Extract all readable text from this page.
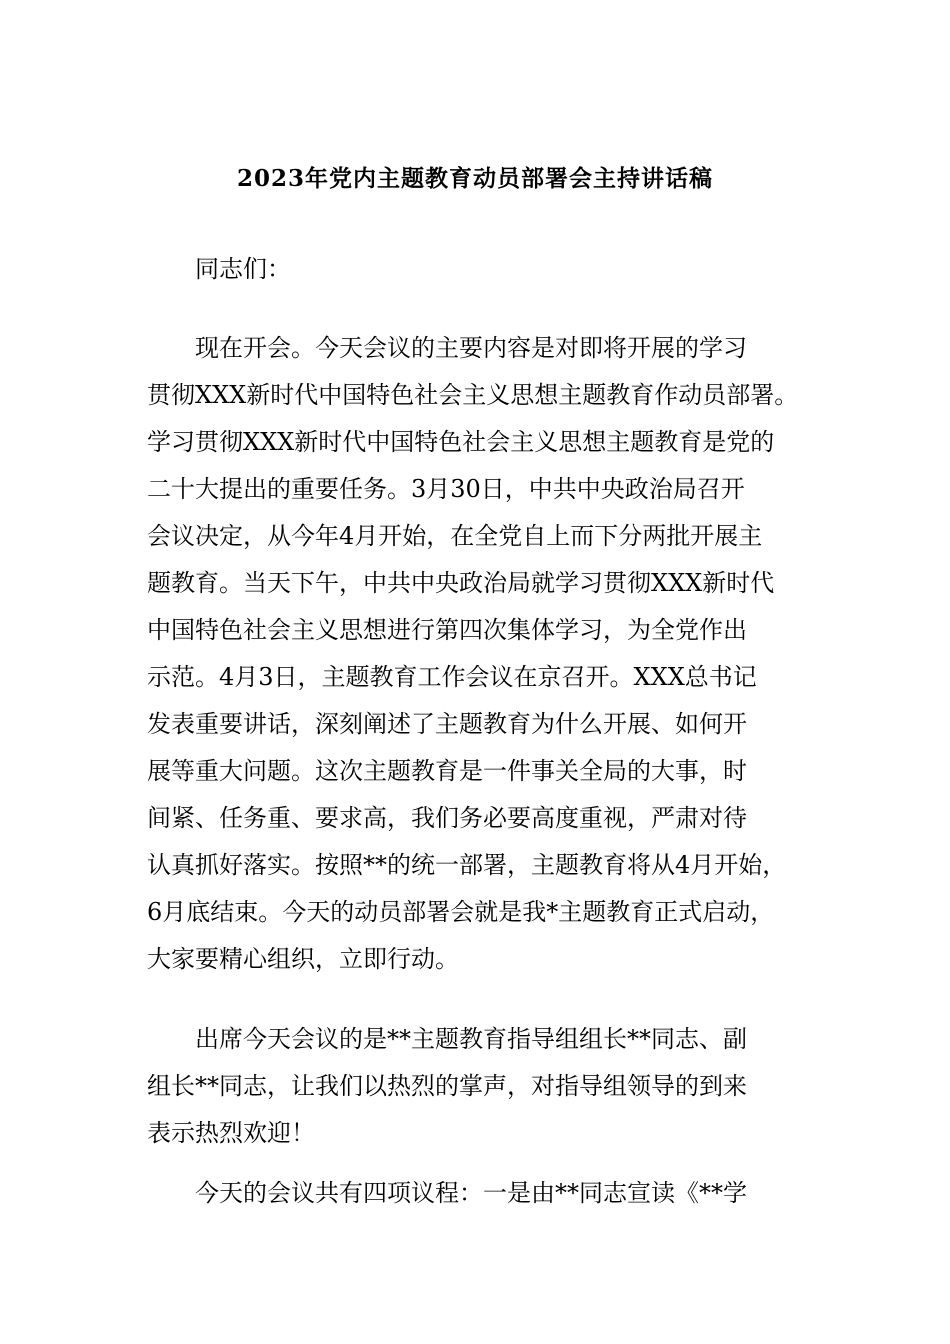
2023年党内主题教育动员部署会主持讲话稿
同志们：
现在开会。今天会议的主要内容是对即将开展的学习
贯彻XXX新时代中国特色社会主义思想主题教育作动员部署。
学习贯彻XXX新时代中国特色社会主义思想主题教育是党的
二十大提出的重要任务。3月30日，中共中央政治局召开
会议决定，从今年4月开始，在全党自上而下分两批开展主
题教育。当天下午，中共中央政治局就学习贯彻XXX新时代
中国特色社会主义思想进行第四次集体学习，为全党作出
示范。4月3日，主题教育工作会议在京召开。XXX总书记
发表重要讲话，深刻阐述了主题教育为什么开展、如何开
展等重大问题。这次主题教育是一件事关全局的大事，时
间紧、任务重、要求高，我们务必要高度重视，严肃对待
认真抓好落实。按照**的统一部署，主题教育将从4月开始，
6月底结束。今天的动员部署会就是我*主题教育正式启动，
大家要精心组织，立即行动。
出席今天会议的是**主题教育指导组组长**同志、副
组长**同志，让我们以热烈的掌声，对指导组领导的到来
表示热烈欢迎！
今天的会议共有四项议程：一是由**同志宣读《**学
